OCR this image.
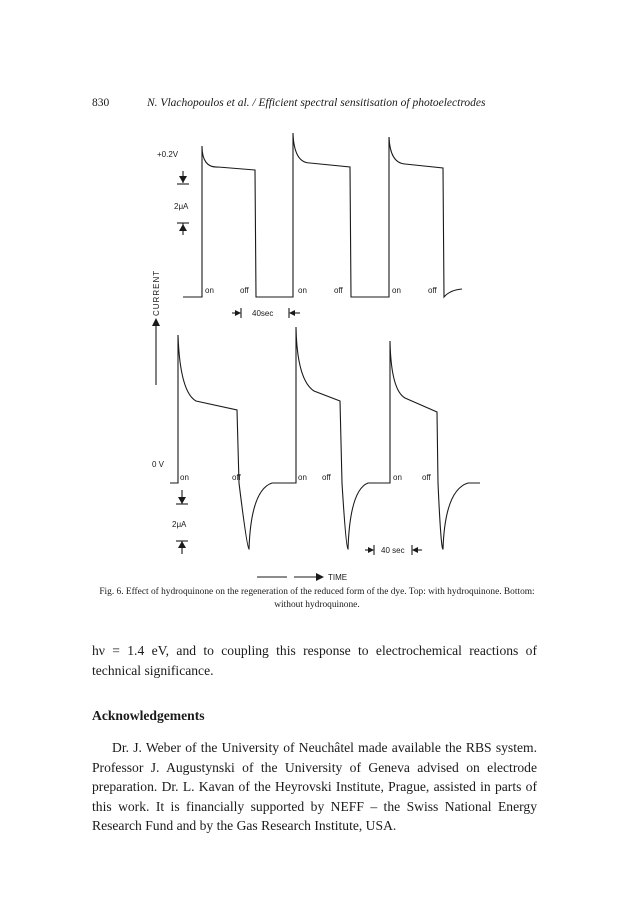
830	N. Vlachopoulos et al. / Efficient spectral sensitisation of photoelectrodes
+0.2V
2μA
40sec
on	off	on	off	on	off
0 V
2μA
40 sec
on	off	on off	on	off
CURRENT
TIME
Fig. 6. Effect of hydroquinone on the regeneration of the reduced form of the dye. Top: with hydroquinone. Bottom: without hydroquinone.
hν = 1.4 eV, and to coupling this response to electrochemical reactions of technical significance.
Acknowledgements
Dr. J. Weber of the University of Neuchâtel made available the RBS system. Professor J. Augustynski of the University of Geneva advised on electrode preparation. Dr. L. Kavan of the Heyrovski Institute, Prague, assisted in parts of this work. It is financially supported by NEFF – the Swiss National Energy Research Fund and by the Gas Research Institute, USA.
